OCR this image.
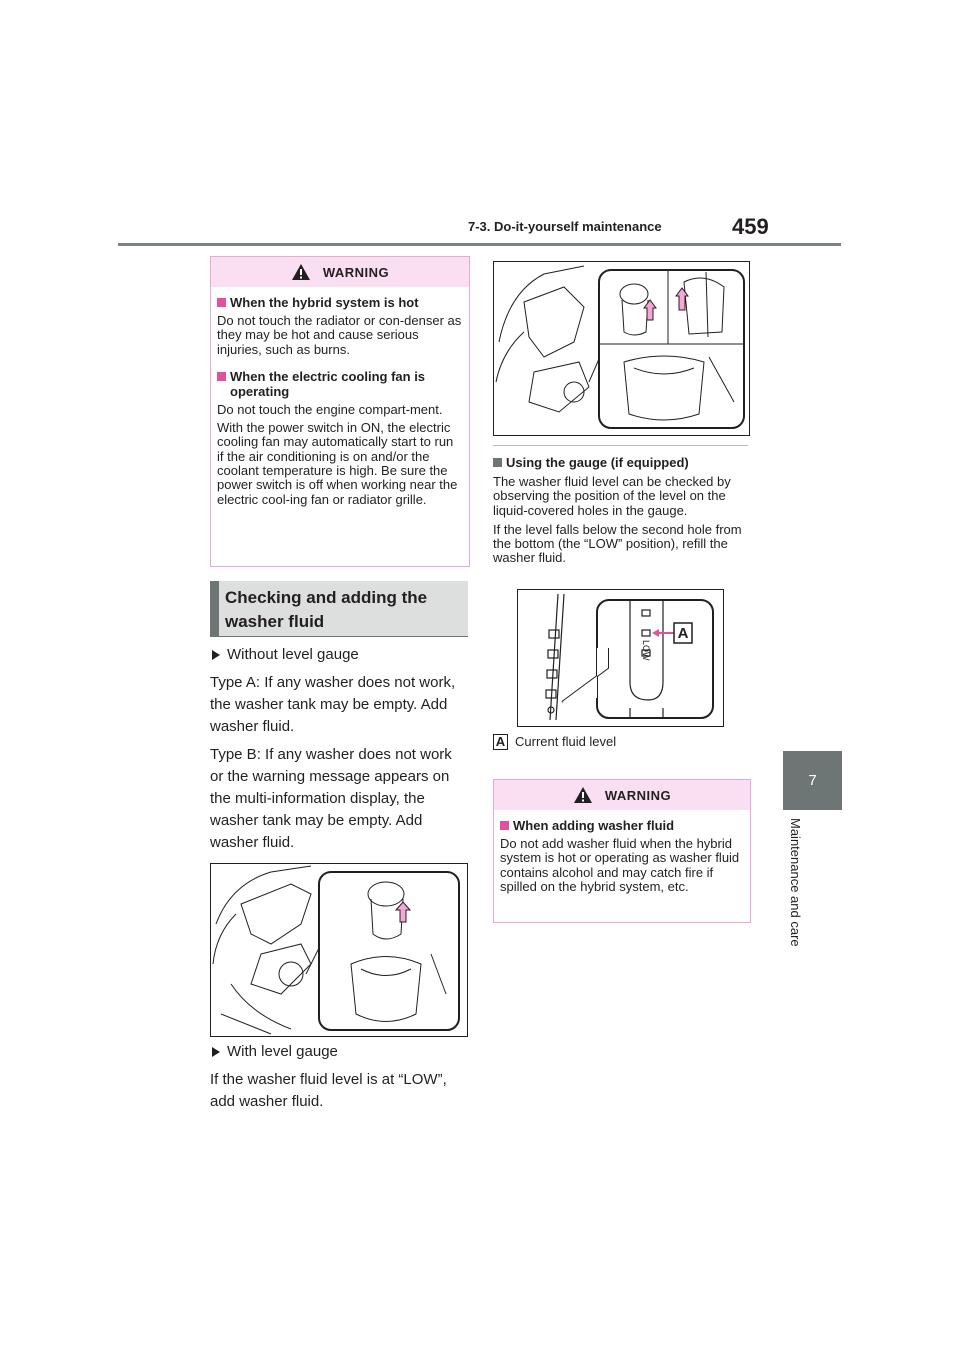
7-3. Do-it-yourself maintenance	459
7
Maintenance and care
WARNING
When the hybrid system is hot
Do not touch the radiator or con-denser as they may be hot and cause serious injuries, such as burns.
When the electric cooling fan is operating
Do not touch the engine compart-ment.
With the power switch in ON, the electric cooling fan may automatically start to run if the air conditioning is on and/or the coolant temperature is high. Be sure the power switch is off when working near the electric cool-ing fan or radiator grille.
Checking and adding the
washer fluid
Without level gauge
Type A: If any washer does not work, the washer tank may be empty. Add washer fluid.
Type B: If any washer does not work or the warning message appears on the multi-information display, the washer tank may be empty. Add washer fluid.
With level gauge
If the washer fluid level is at “LOW”, add washer fluid.
Using the gauge (if equipped)
The washer fluid level can be checked by observing the position of the level on the liquid-covered holes in the gauge.
If the level falls below the second hole from the bottom (the “LOW” position), refill the washer fluid.
A
LOW
A Current fluid level
WARNING
When adding washer fluid
Do not add washer fluid when the hybrid system is hot or operating as washer fluid contains alcohol and may catch fire if spilled on the hybrid system, etc.
